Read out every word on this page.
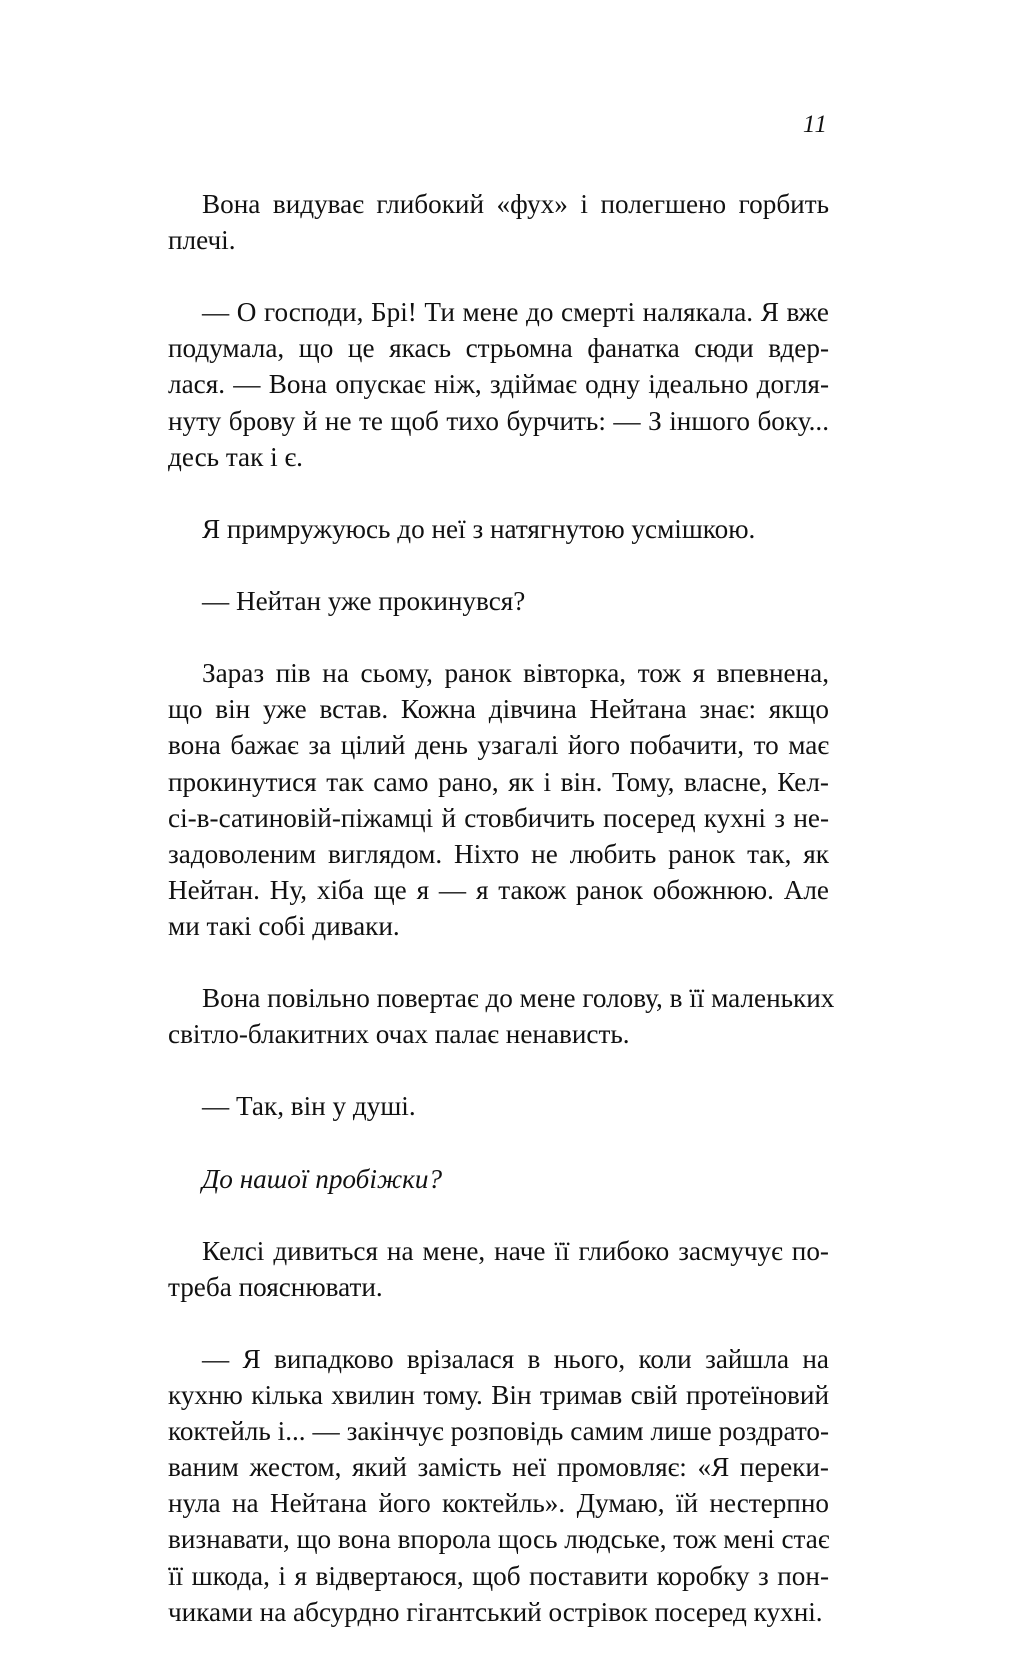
11

Вона видуває глибокий «фух» і полегшено горбить
плечі.

— О господи, Брі! Ти мене до смерті налякала. Я вже
подумала, що це якась стрьомна фанатка сюди вдер-
лася. — Вона опускає ніж, здіймає одну ідеально догля-
нуту брову й не те щоб тихо бурчить: — З іншого боку...
десь так і є.

Я примружуюсь до неї з натягнутою усмішкою.

— Нейтан уже прокинувся?

Зараз пів на сьому, ранок вівторка, тож я впевнена,
що він уже встав. Кожна дівчина Нейтана знає: якщо
вона бажає за цілий день узагалі його побачити, то має
прокинутися так само рано, як і він. Тому, власне, Кел-
сі-в-сатиновій-піжамці й стовбичить посеред кухні з не-
задоволеним виглядом. Ніхто не любить ранок так, як
Нейтан. Ну, хіба ще я — я також ранок обожнюю. Але
ми такі собі диваки.

Вона повільно повертає до мене голову, в її маленьких
світло-блакитних очах палає ненависть.

— Так, він у душі.

До нашої пробіжки?

Келсі дивиться на мене, наче її глибоко засмучує по-
треба пояснювати.

— Я випадково врізалася в нього, коли зайшла на
кухню кілька хвилин тому. Він тримав свій протеїновий
коктейль і... — закінчує розповідь самим лише роздрато-
ваним жестом, який замість неї промовляє: «Я переки-
нула на Нейтана його коктейль». Думаю, їй нестерпно
визнавати, що вона впорола щось людське, тож мені стає
її шкода, і я відвертаюся, щоб поставити коробку з пон-
чиками на абсурдно гігантський острівок посеред кухні.
